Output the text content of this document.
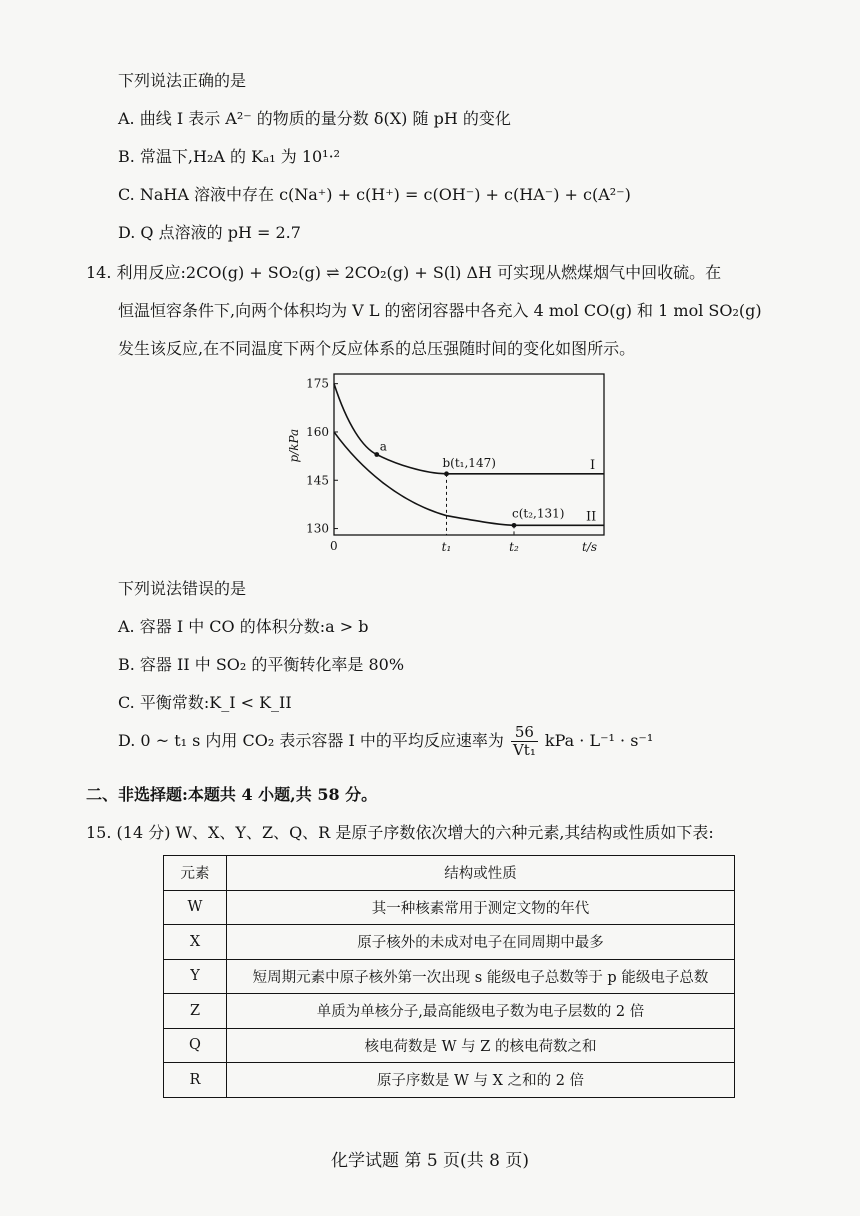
下列说法正确的是
A. 曲线 I 表示 A²⁻ 的物质的量分数 δ(X) 随 pH 的变化
B. 常温下,H₂A 的 Kₐ₁ 为 10¹·²
C. NaHA 溶液中存在 c(Na⁺) + c(H⁺) = c(OH⁻) + c(HA⁻) + c(A²⁻)
D. Q 点溶液的 pH = 2.7
14. 利用反应:2CO(g) + SO₂(g) ⇌ 2CO₂(g) + S(l) ΔH 可实现从燃煤烟气中回收硫。在
恒温恒容条件下,向两个体积均为 V L 的密闭容器中各充入 4 mol CO(g) 和 1 mol SO₂(g)
发生该反应,在不同温度下两个反应体系的总压强随时间的变化如图所示。
175
160
145
130
a
b(t₁,147)
c(t₂,131)
t₁	t₂
p/kPa
t/s
0
I
II
下列说法错误的是
A. 容器 I 中 CO 的体积分数:a > b
B. 容器 II 中 SO₂ 的平衡转化率是 80%
C. 平衡常数:K_I < K_II
D. 0 ~ t₁ s 内用 CO₂ 表示容器 I 中的平均反应速率为 $\frac{56}{\text{Vt₁}}$ kPa · L⁻¹ · s⁻¹
二、非选择题:本题共 4 小题,共 58 分。
15. (14 分) W、X、Y、Z、Q、R 是原子序数依次增大的六种元素,其结构或性质如下表:
元素	结构或性质
W	其一种核素常用于测定文物的年代
X	原子核外的未成对电子在同周期中最多
Y	短周期元素中原子核外第一次出现 s 能级电子总数等于 p 能级电子总数
Z	单质为单核分子,最高能级电子数为电子层数的 2 倍
Q	核电荷数是 W 与 Z 的核电荷数之和
R	原子序数是 W 与 X 之和的 2 倍
化学试题 第 5 页(共 8 页)
